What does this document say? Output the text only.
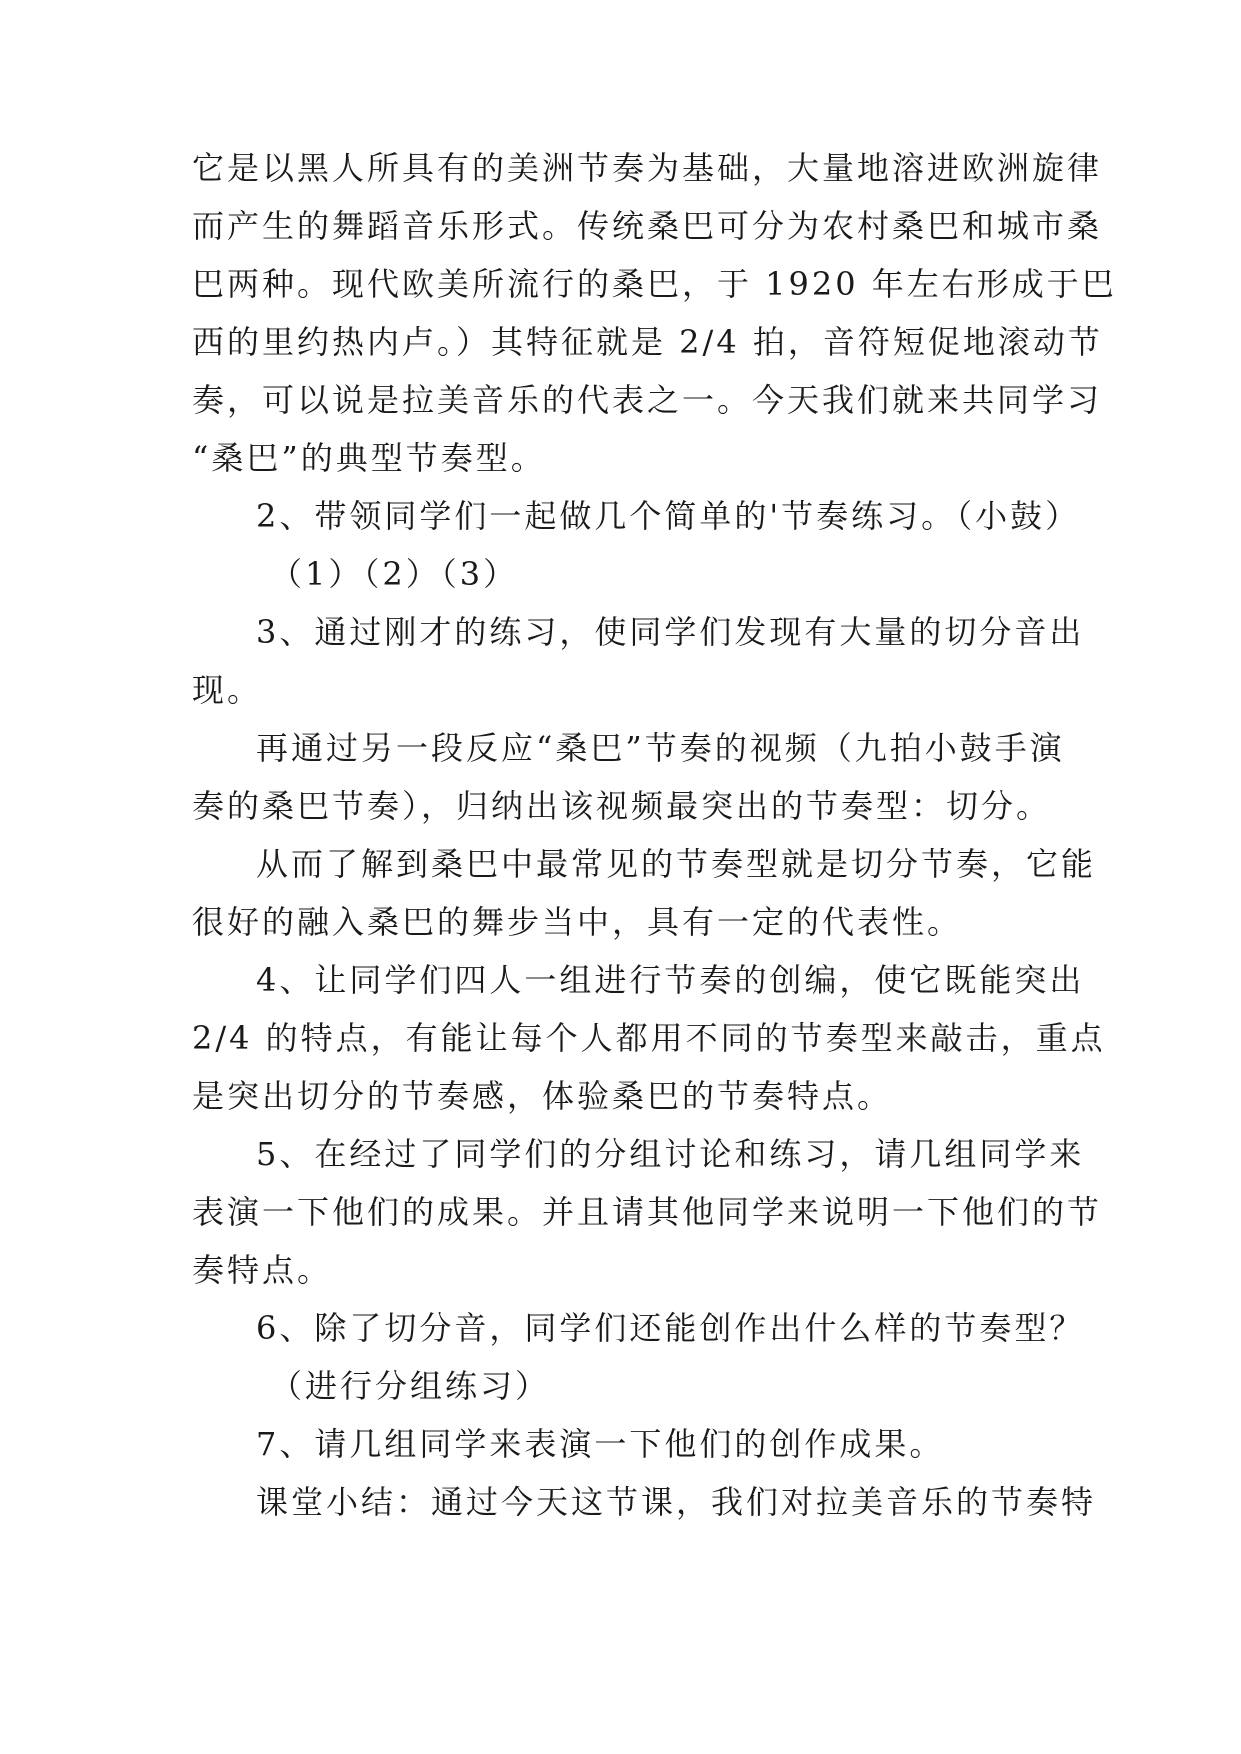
它是以黑人所具有的美洲节奏为基础，大量地溶进欧洲旋律
而产生的舞蹈音乐形式。传统桑巴可分为农村桑巴和城市桑
巴两种。现代欧美所流行的桑巴，于 1920 年左右形成于巴
西的里约热内卢。）其特征就是 2/4 拍，音符短促地滚动节
奏，可以说是拉美音乐的代表之一。今天我们就来共同学习
“桑巴”的典型节奏型。
2、带领同学们一起做几个简单的'节奏练习。（小鼓）
（1）（2）（3）
3、通过刚才的练习，使同学们发现有大量的切分音出
现。
再通过另一段反应“桑巴”节奏的视频（九拍小鼓手演
奏的桑巴节奏），归纳出该视频最突出的节奏型：切分。
从而了解到桑巴中最常见的节奏型就是切分节奏，它能
很好的融入桑巴的舞步当中，具有一定的代表性。
4、让同学们四人一组进行节奏的创编，使它既能突出
2/4 的特点，有能让每个人都用不同的节奏型来敲击，重点
是突出切分的节奏感，体验桑巴的节奏特点。
5、在经过了同学们的分组讨论和练习，请几组同学来
表演一下他们的成果。并且请其他同学来说明一下他们的节
奏特点。
6、除了切分音，同学们还能创作出什么样的节奏型？
（进行分组练习）
7、请几组同学来表演一下他们的创作成果。
课堂小结：通过今天这节课，我们对拉美音乐的节奏特
